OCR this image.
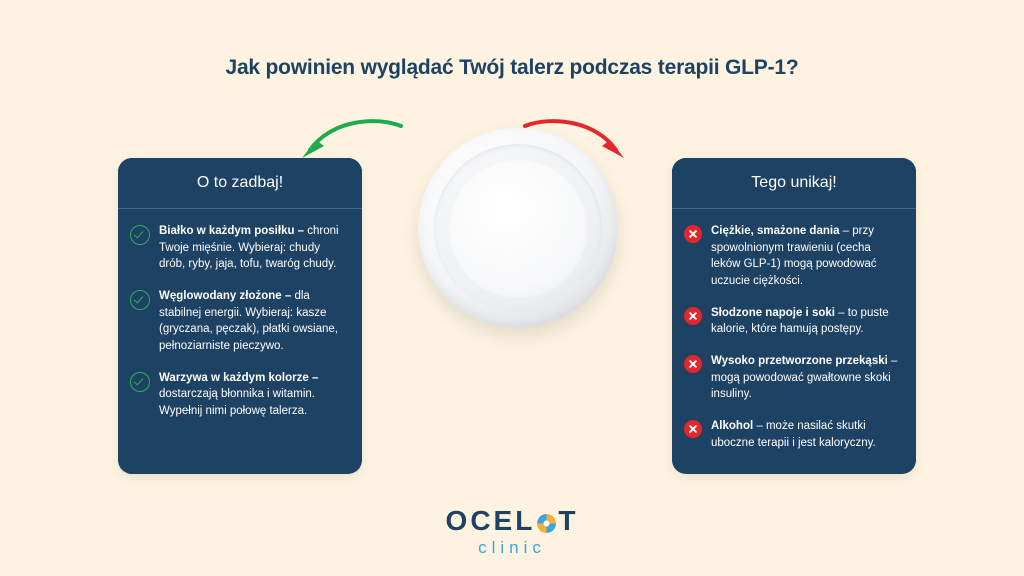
Jak powinien wyglądać Twój talerz podczas terapii GLP-1?
O to zadbaj!
Białko w każdym posiłku – chroni Twoje mięśnie. Wybieraj: chudy drób, ryby, jaja, tofu, twaróg chudy.
Węglowodany złożone – dla stabilnej energii. Wybieraj: kasze (gryczana, pęczak), płatki owsiane, pełnoziarniste pieczywo.
Warzywa w każdym kolorze – dostarczają błonnika i witamin. Wypełnij nimi połowę talerza.
Tego unikaj!
Ciężkie, smażone dania – przy spowolnionym trawieniu (cecha leków GLP-1) mogą powodować uczucie ciężkości.
Słodzone napoje i soki – to puste kalorie, które hamują postępy.
Wysoko przetworzone przekąski – mogą powodować gwałtowne skoki insuliny.
Alkohol – może nasilać skutki uboczne terapii i jest kaloryczny.
OCEL T
clinic
